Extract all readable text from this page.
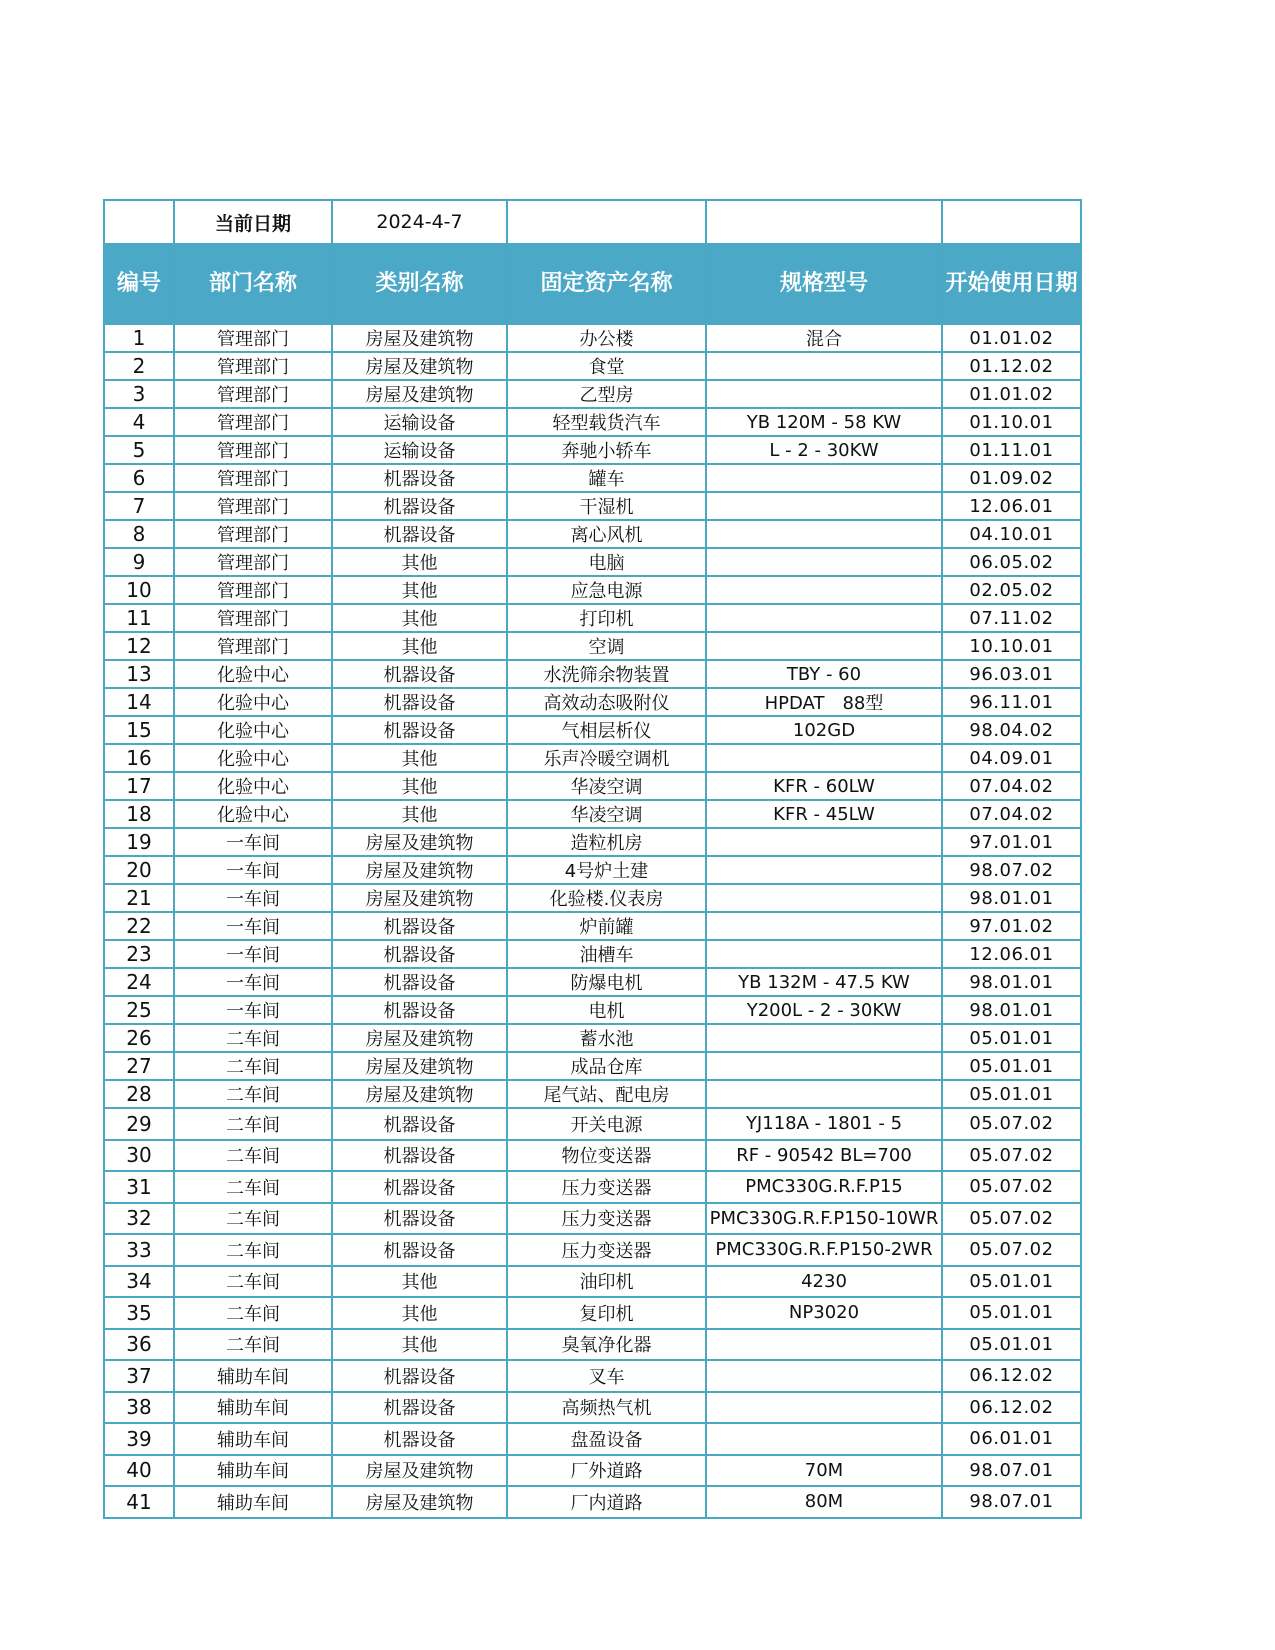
	当前日期	2024-4-7			
编号	部门名称	类别名称	固定资产名称	规格型号	开始使用日期
1	管理部门	房屋及建筑物	办公楼	混合	01.01.02
2	管理部门	房屋及建筑物	食堂		01.12.02
3	管理部门	房屋及建筑物	乙型房		01.01.02
4	管理部门	运输设备	轻型载货汽车	YB 120M - 58 KW	01.10.01
5	管理部门	运输设备	奔驰小轿车	L - 2 - 30KW	01.11.01
6	管理部门	机器设备	罐车		01.09.02
7	管理部门	机器设备	干湿机		12.06.01
8	管理部门	机器设备	离心风机		04.10.01
9	管理部门	其他	电脑		06.05.02
10	管理部门	其他	应急电源		02.05.02
11	管理部门	其他	打印机		07.11.02
12	管理部门	其他	空调		10.10.01
13	化验中心	机器设备	水洗筛余物装置	TBY - 60	96.03.01
14	化验中心	机器设备	高效动态吸附仪	HPDAT　88型	96.11.01
15	化验中心	机器设备	气相层析仪	102GD	98.04.02
16	化验中心	其他	乐声冷暖空调机		04.09.01
17	化验中心	其他	华凌空调	KFR - 60LW	07.04.02
18	化验中心	其他	华凌空调	KFR - 45LW	07.04.02
19	一车间	房屋及建筑物	造粒机房		97.01.01
20	一车间	房屋及建筑物	4号炉土建		98.07.02
21	一车间	房屋及建筑物	化验楼.仪表房		98.01.01
22	一车间	机器设备	炉前罐		97.01.02
23	一车间	机器设备	油槽车		12.06.01
24	一车间	机器设备	防爆电机	YB 132M - 47.5 KW	98.01.01
25	一车间	机器设备	电机	Y200L - 2 - 30KW	98.01.01
26	二车间	房屋及建筑物	蓄水池		05.01.01
27	二车间	房屋及建筑物	成品仓库		05.01.01
28	二车间	房屋及建筑物	尾气站、配电房		05.01.01
29	二车间	机器设备	开关电源	YJ118A - 1801 - 5	05.07.02
30	二车间	机器设备	物位变送器	RF - 90542 BL=700	05.07.02
31	二车间	机器设备	压力变送器	PMC330G.R.F.P15	05.07.02
32	二车间	机器设备	压力变送器	PMC330G.R.F.P150-10WR	05.07.02
33	二车间	机器设备	压力变送器	PMC330G.R.F.P150-2WR	05.07.02
34	二车间	其他	油印机	4230	05.01.01
35	二车间	其他	复印机	NP3020	05.01.01
36	二车间	其他	臭氧净化器		05.01.01
37	辅助车间	机器设备	叉车		06.12.02
38	辅助车间	机器设备	高频热气机		06.12.02
39	辅助车间	机器设备	盘盈设备		06.01.01
40	辅助车间	房屋及建筑物	厂外道路	70M	98.07.01
41	辅助车间	房屋及建筑物	厂内道路	80M	98.07.01
